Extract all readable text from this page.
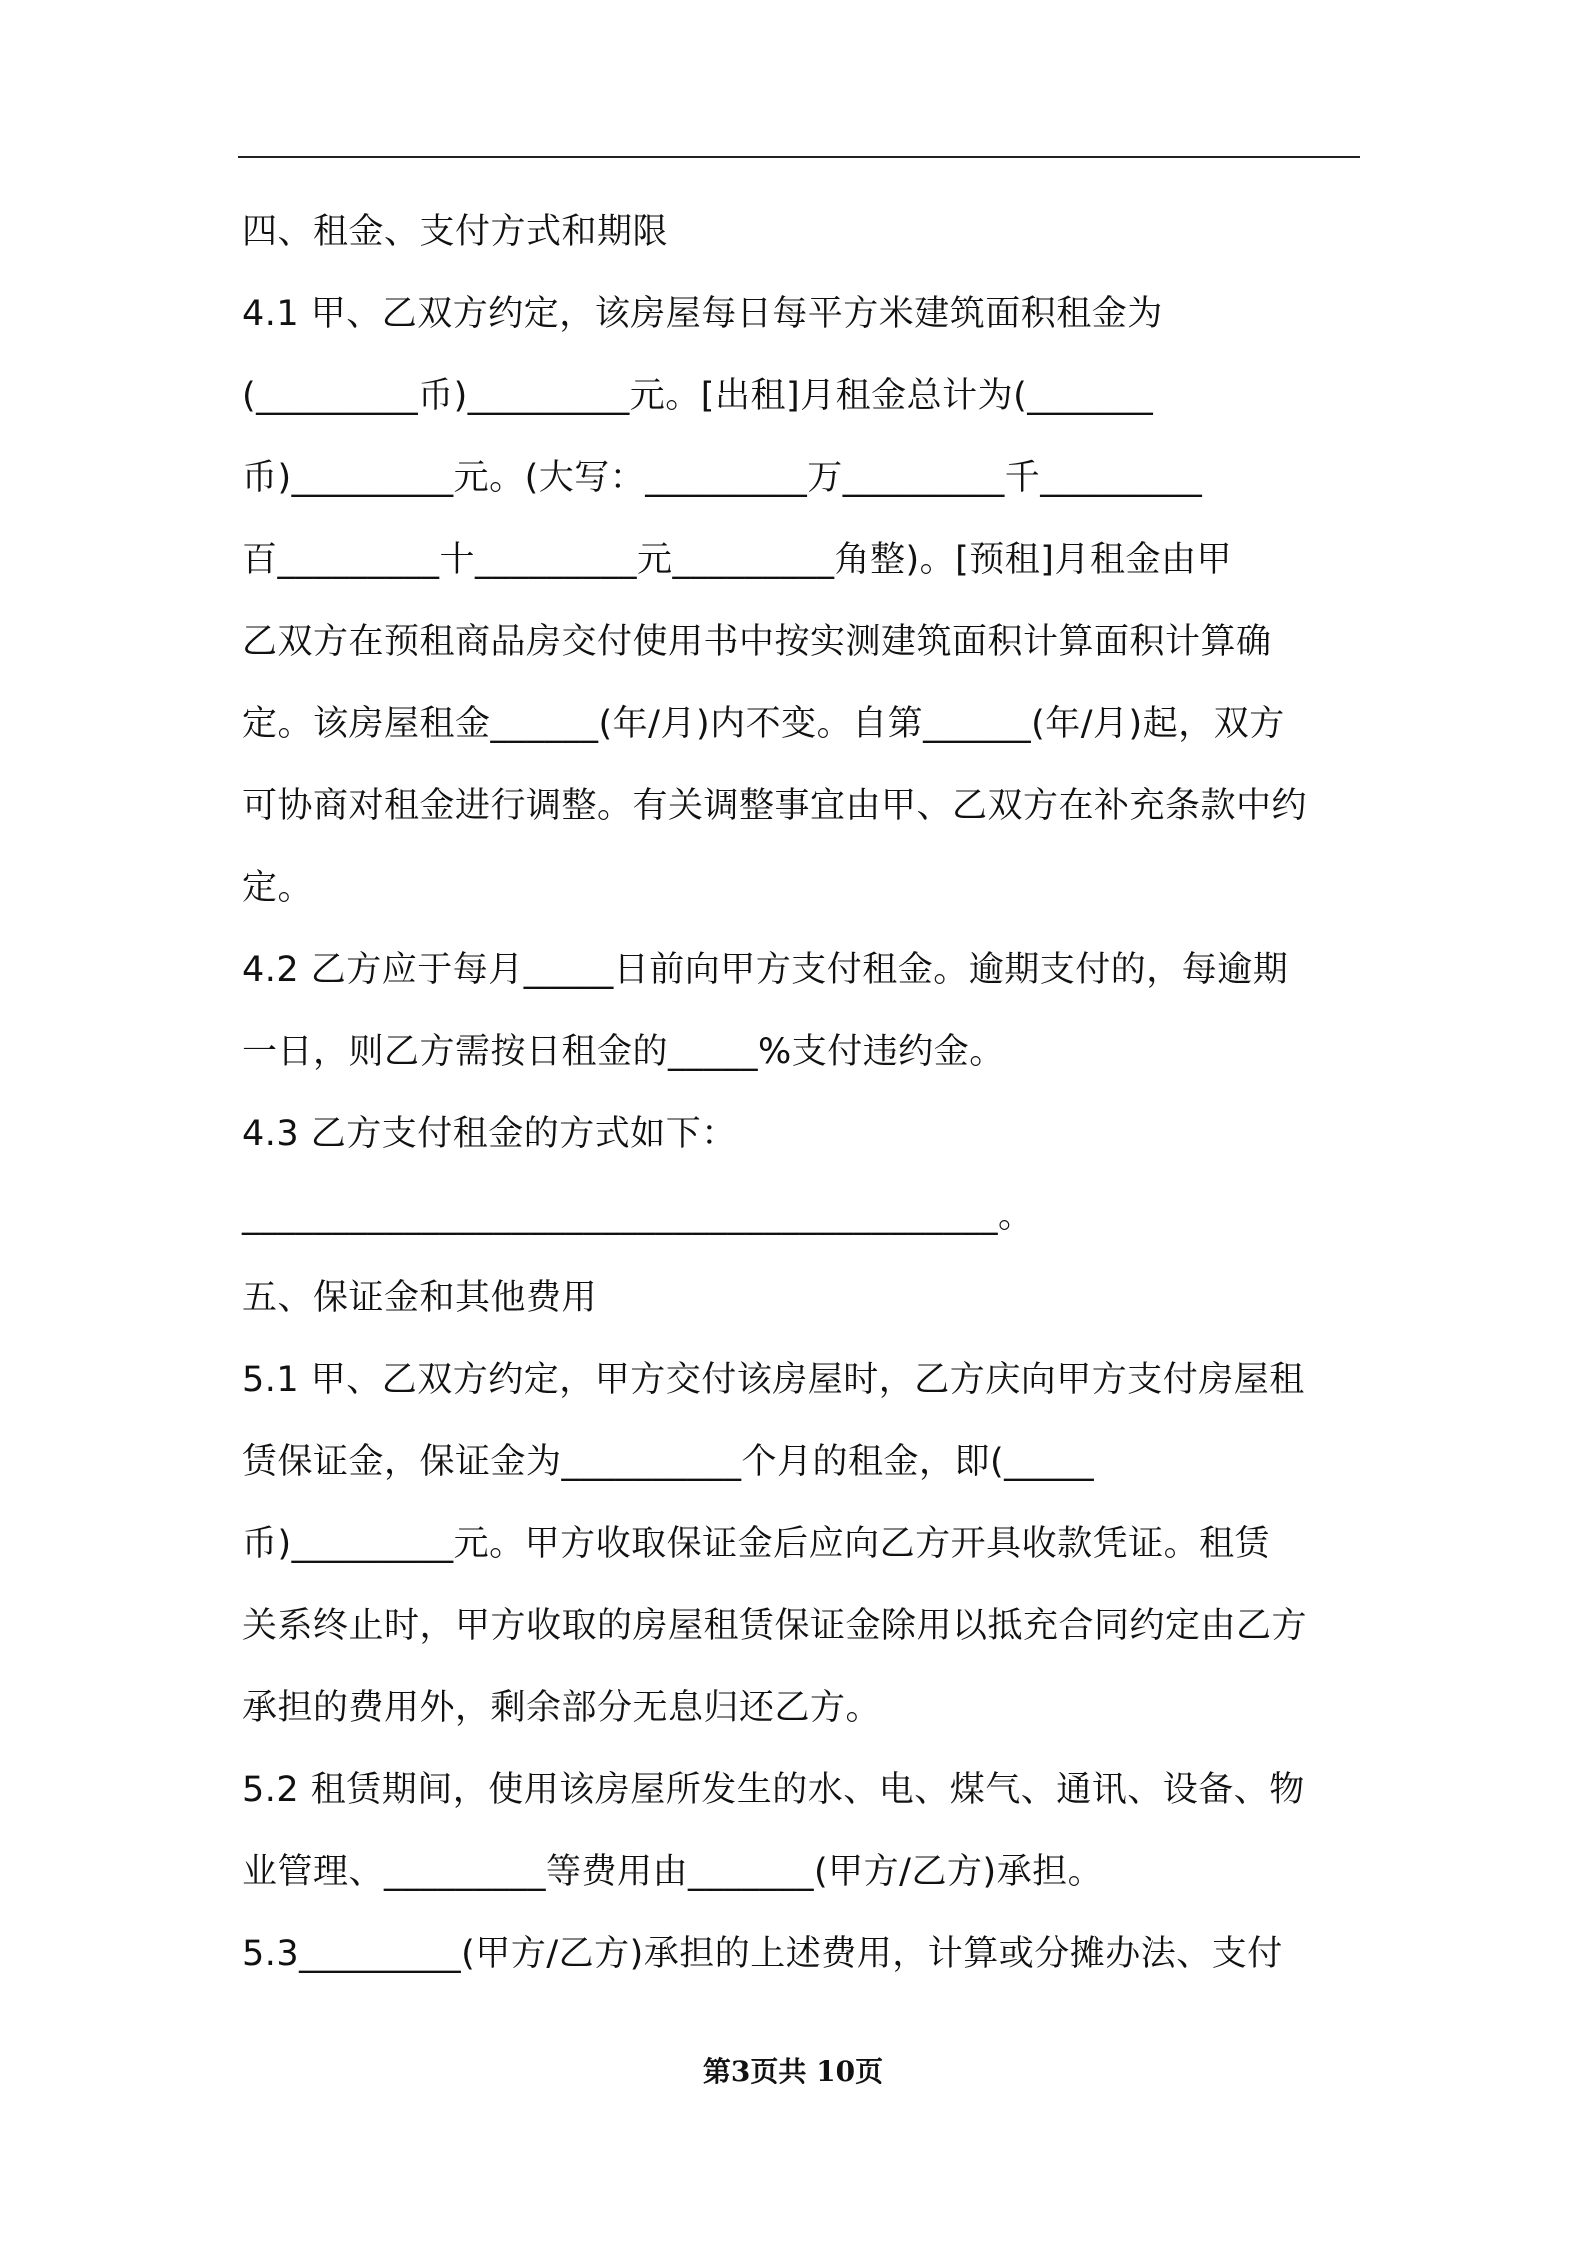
四、租金、支付方式和期限
4.1 甲、乙双方约定，该房屋每日每平方米建筑面积租金为
(_________币)_________元。[出租]月租金总计为(_______
币)_________元。(大写：_________万_________千_________
百_________十_________元_________角整)。[预租]月租金由甲
乙双方在预租商品房交付使用书中按实测建筑面积计算面积计算确
定。该房屋租金______(年/月)内不变。自第______(年/月)起，双方
可协商对租金进行调整。有关调整事宜由甲、乙双方在补充条款中约
定。
4.2 乙方应于每月_____日前向甲方支付租金。逾期支付的，每逾期
一日，则乙方需按日租金的_____%支付违约金。
4.3 乙方支付租金的方式如下：
__________________________________________。
五、保证金和其他费用
5.1 甲、乙双方约定，甲方交付该房屋时，乙方庆向甲方支付房屋租
赁保证金，保证金为__________个月的租金，即(_____
币)_________元。甲方收取保证金后应向乙方开具收款凭证。租赁
关系终止时，甲方收取的房屋租赁保证金除用以抵充合同约定由乙方
承担的费用外，剩余部分无息归还乙方。
5.2 租赁期间，使用该房屋所发生的水、电、煤气、通讯、设备、物
业管理、_________等费用由_______(甲方/乙方)承担。
5.3_________(甲方/乙方)承担的上述费用，计算或分摊办法、支付
第3页共 10页
